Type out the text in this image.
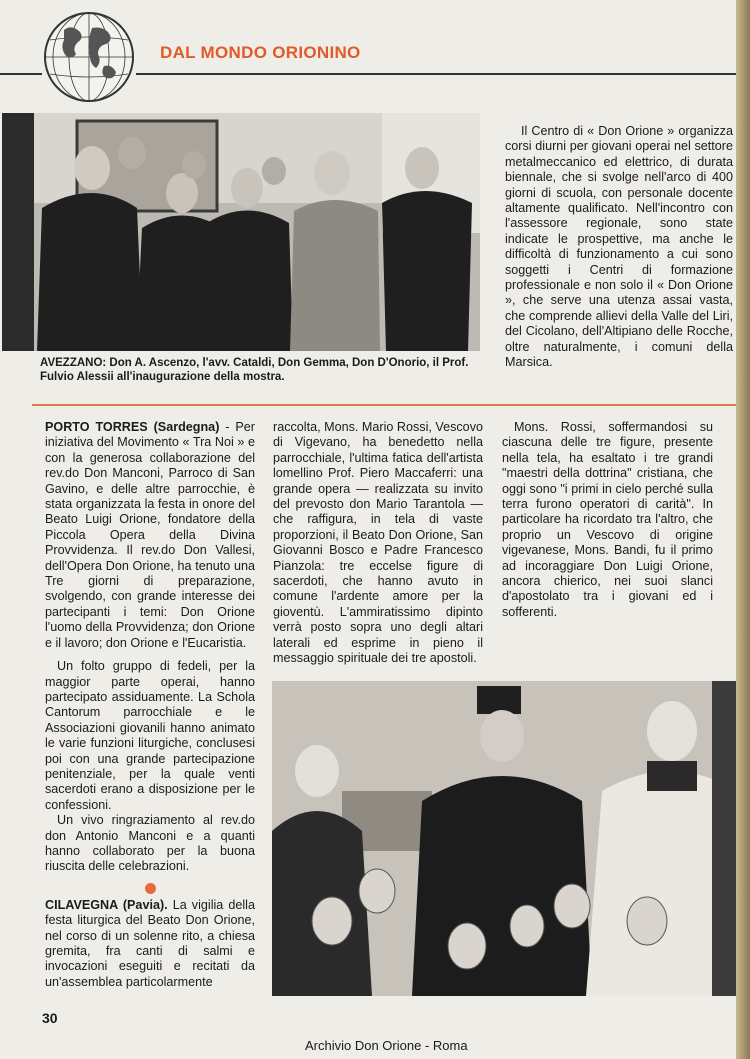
DAL MONDO ORIONINO
AVEZZANO: Don A. Ascenzo, l'avv. Cataldi, Don Gemma, Don D'Onorio, il Prof. Fulvio Alessii all'inaugurazione della mostra.
Il Centro di « Don Orione » organizza corsi diurni per giovani operai nel settore metalmeccanico ed elettrico, di durata biennale, che si svolge nell'arco di 400 giorni di scuola, con personale docente altamente qualificato. Nell'incontro con l'assessore regionale, sono state indicate le prospettive, ma anche le difficoltà di funzionamento a cui sono soggetti i Centri di formazione professionale e non solo il « Don Orione », che serve una utenza assai vasta, che comprende allievi della Valle del Liri, del Cicolano, dell'Altipiano delle Rocche, oltre naturalmente, i comuni della Marsica.

PORTO TORRES (Sardegna) - Per iniziativa del Movimento « Tra Noi » e con la generosa collaborazione del rev.do Don Manconi, Parroco di San Gavino, e delle altre parrocchie, è stata organizzata la festa in onore del Beato Luigi Orione, fondatore della Piccola Opera della Divina Provvidenza. Il rev.do Don Vallesi, dell'Opera Don Orione, ha tenuto una Tre giorni di preparazione, svolgendo, con grande interesse dei partecipanti i temi: Don Orione l'uomo della Provvidenza; don Orione e il lavoro; don Orione e l'Eucaristia.

Un folto gruppo di fedeli, per la maggior parte operai, hanno partecipato assiduamente. La Schola Cantorum parrocchiale e le Associazioni giovanili hanno animato le varie funzioni liturgiche, conclusesi poi con una grande partecipazione penitenziale, per la quale venti sacerdoti erano a disposizione per le confessioni.

Un vivo ringraziamento al rev.do don Antonio Manconi e a quanti hanno collaborato per la buona riuscita delle celebrazioni.

CILAVEGNA (Pavia). La vigilia della festa liturgica del Beato Don Orione, nel corso di un solenne rito, a chiesa gremita, fra canti di salmi e invocazioni eseguiti e recitati da un'assemblea particolarmente

raccolta, Mons. Mario Rossi, Vescovo di Vigevano, ha benedetto nella parrocchiale, l'ultima fatica dell'artista lomellino Prof. Piero Maccaferri: una grande opera — realizzata su invito del prevosto don Mario Tarantola — che raffigura, in tela di vaste proporzioni, il Beato Don Orione, San Giovanni Bosco e Padre Francesco Pianzola: tre eccelse figure di sacerdoti, che hanno avuto in comune l'ardente amore per la gioventù. L'ammiratissimo dipinto verrà posto sopra uno degli altari laterali ed esprime in pieno il messaggio spirituale dei tre apostoli.

Mons. Rossi, soffermandosi su ciascuna delle tre figure, presente nella tela, ha esaltato i tre grandi "maestri della dottrina" cristiana, che oggi sono "i primi in cielo perché sulla terra furono operatori di carità". In particolare ha ricordato tra l'altro, che proprio un Vescovo di origine vigevanese, Mons. Bandi, fu il primo ad incoraggiare Don Luigi Orione, ancora chierico, nei suoi slanci d'apostolato tra i giovani ed i sofferenti.

30
Archivio Don Orione - Roma
